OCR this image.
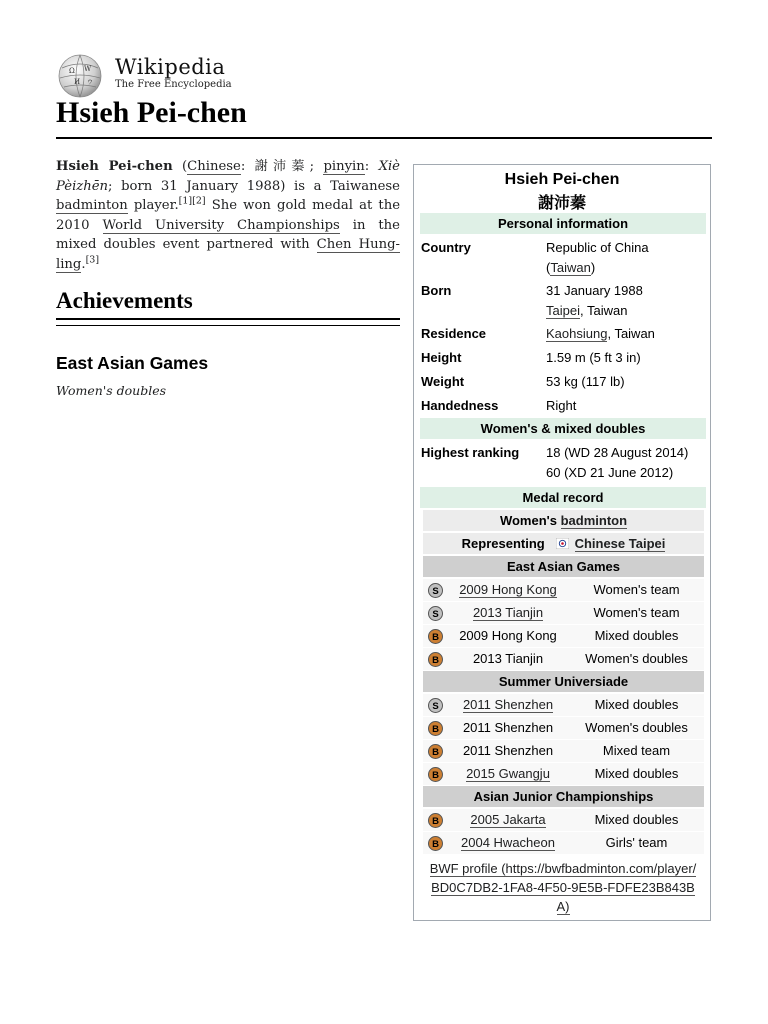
Ω W
И ウ
Wikipedia
The Free Encyclopedia
Hsieh Pei-chen

Hsieh Pei-chen (Chinese: 謝沛蓁; pinyin: Xiè Pèizhēn; born 31 January 1988) is a Taiwanese badminton player.[1][2] She won gold medal at the 2010 World University Championships in the mixed doubles event partnered with Chen Hung-ling.[3]

Achievements
East Asian Games

Women's doubles

Hsieh Pei-chen
謝沛蓁
Personal information
Country	Republic of China
(Taiwan)
Born	31 January 1988
Taipei, Taiwan
Residence	Kaohsiung, Taiwan
Height	1.59 m (5 ft 3 in)
Weight	53 kg (117 lb)
Handedness	Right
Women's & mixed doubles
Highest ranking 18 (WD 28 August 2014)
60 (XD 21 June 2012)
Medal record
Women's badminton
Representing Chinese Taipei
East Asian Games
S	2009 Hong Kong	Women's team
S	2013 Tianjin	Women's team
B	2009 Hong Kong	Mixed doubles
B	2013 Tianjin	Women's doubles
Summer Universiade
S	2011 Shenzhen	Mixed doubles
B	2011 Shenzhen	Women's doubles
B	2011 Shenzhen	Mixed team
B	2015 Gwangju	Mixed doubles
Asian Junior Championships
B	2005 Jakarta	Mixed doubles
B	2004 Hwacheon	Girls' team
BWF profile (https://bwfbadminton.com/player/
BD0C7DB2-1FA8-4F50-9E5B-FDFE23B843B
A)
